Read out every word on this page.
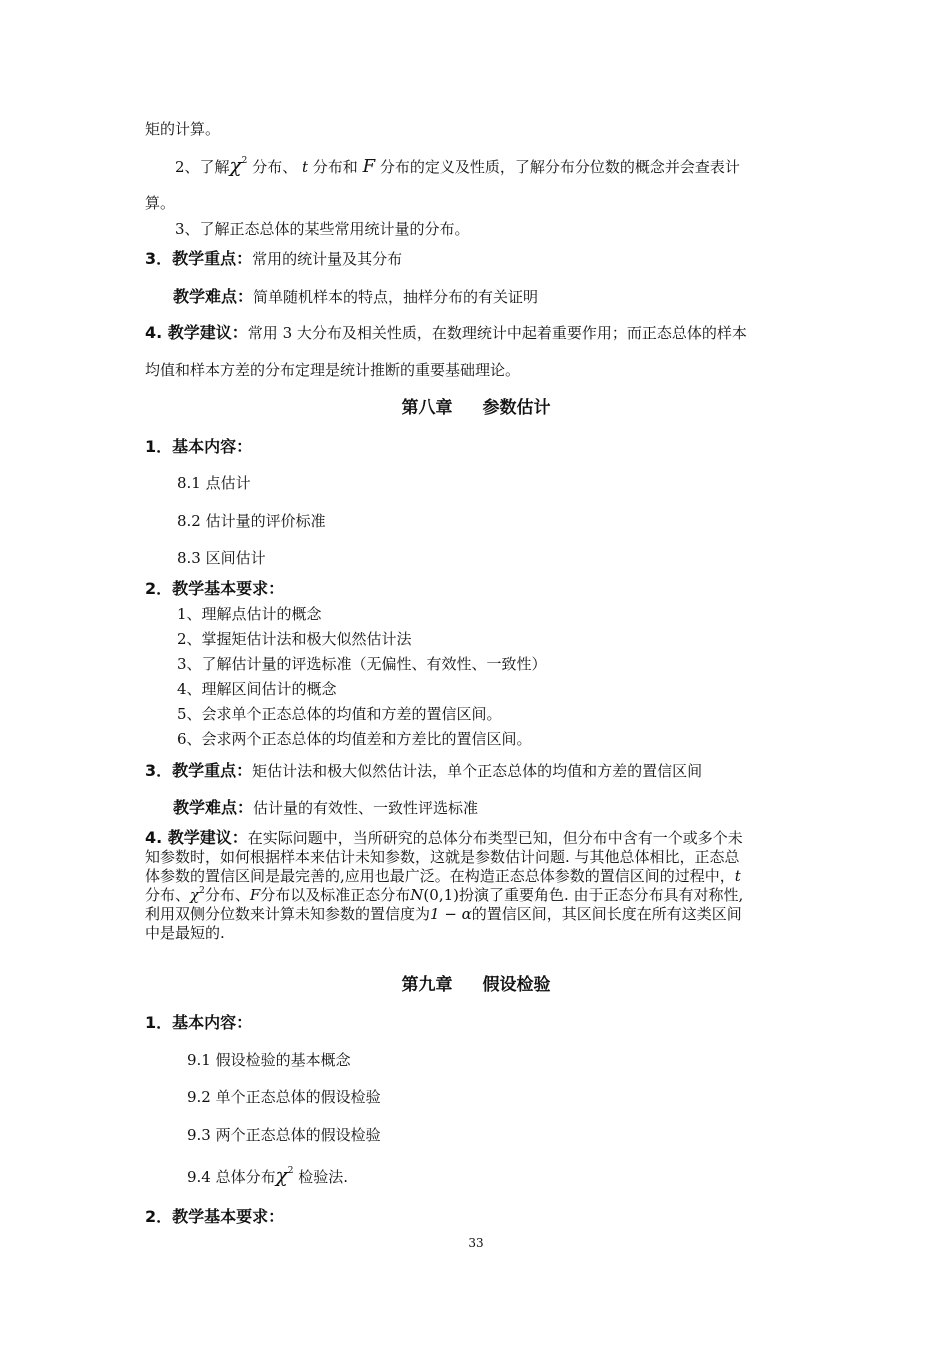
矩的计算。
2、了解$\chi^2$ 分布、 t 分布和 F 分布的定义及性质，了解分布分位数的概念并会查表计
算。
3、了解正态总体的某些常用统计量的分布。
3．教学重点：常用的统计量及其分布
教学难点：简单随机样本的特点，抽样分布的有关证明
4. 教学建议：常用 3 大分布及相关性质，在数理统计中起着重要作用；而正态总体的样本
均值和样本方差的分布定理是统计推断的重要基础理论。
第八章 参数估计
1．基本内容：
8.1 点估计
8.2 估计量的评价标准
8.3 区间估计
2．教学基本要求：
1、理解点估计的概念
2、掌握矩估计法和极大似然估计法
3、了解估计量的评选标准（无偏性、有效性、一致性）
4、理解区间估计的概念
5、会求单个正态总体的均值和方差的置信区间。
6、会求两个正态总体的均值差和方差比的置信区间。
3．教学重点：矩估计法和极大似然估计法，单个正态总体的均值和方差的置信区间
教学难点：估计量的有效性、一致性评选标准
4. 教学建议：在实际问题中，当所研究的总体分布类型已知，但分布中含有一个或多个未
知参数时，如何根据样本来估计未知参数，这就是参数估计问题. 与其他总体相比，正态总
体参数的置信区间是最完善的,应用也最广泛。在构造正态总体参数的置信区间的过程中，t
分布、$\chi^2$分布、F分布以及标准正态分布N(0,1)扮演了重要角色. 由于正态分布具有对称性,
利用双侧分位数来计算未知参数的置信度为1 − α的置信区间，其区间长度在所有这类区间
中是最短的.
第九章 假设检验
1．基本内容：
9.1 假设检验的基本概念
9.2 单个正态总体的假设检验
9.3 两个正态总体的假设检验
9.4 总体分布$\chi^2$ 检验法.
2．教学基本要求：
33
